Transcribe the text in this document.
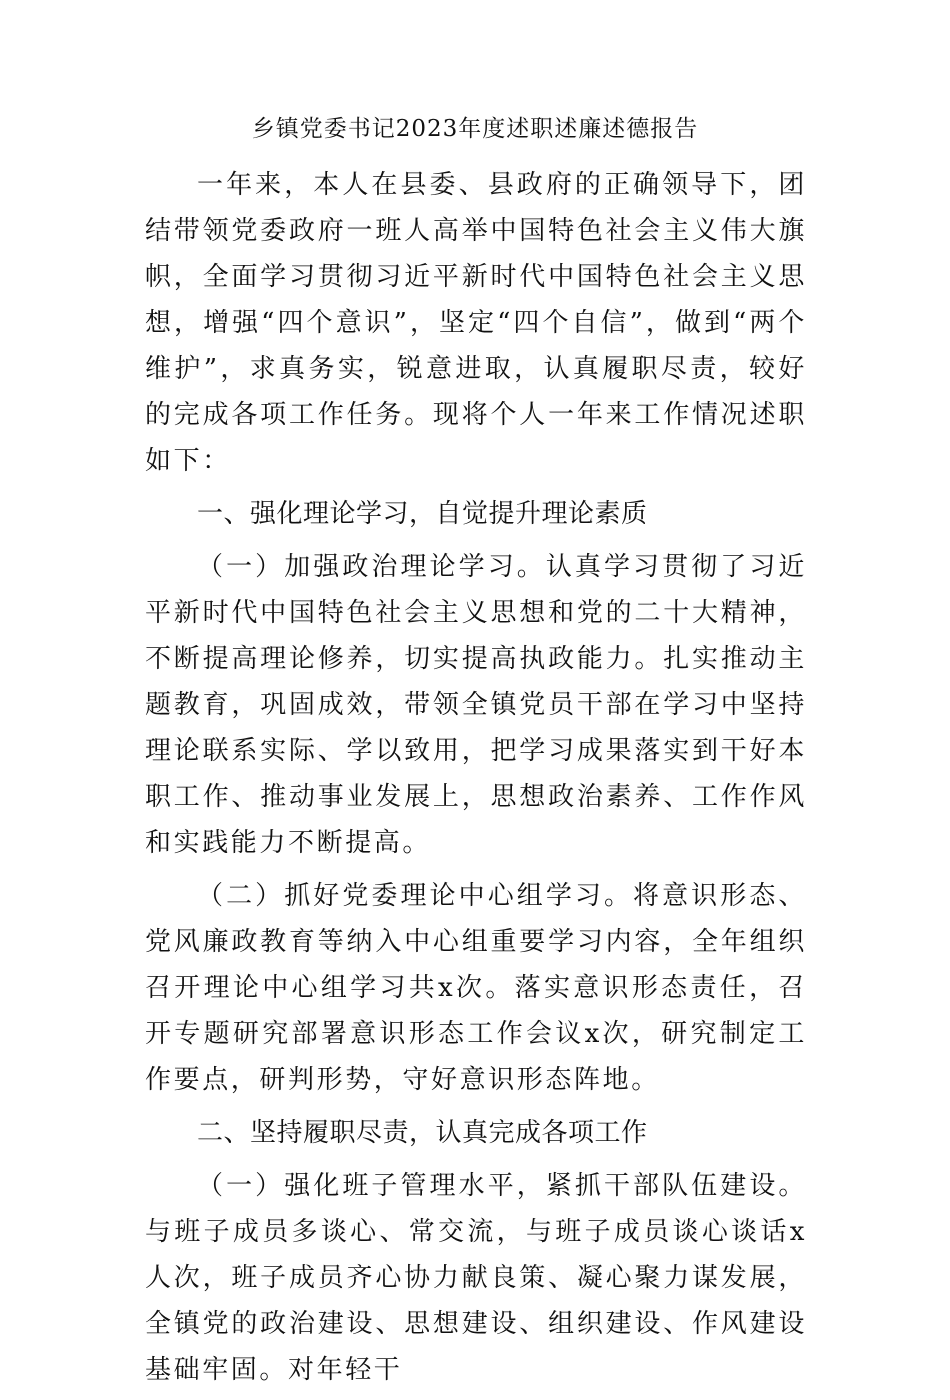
乡镇党委书记2023年度述职述廉述德报告

一年来，本人在县委、县政府的正确领导下，团结带领党委政府一班人高举中国特色社会主义伟大旗帜，全面学习贯彻习近平新时代中国特色社会主义思想，增强“四个意识”，坚定“四个自信”，做到“两个维护”，求真务实，锐意进取，认真履职尽责，较好的完成各项工作任务。现将个人一年来工作情况述职如下：

一、强化理论学习，自觉提升理论素质

（一）加强政治理论学习。认真学习贯彻了习近平新时代中国特色社会主义思想和党的二十大精神，不断提高理论修养，切实提高执政能力。扎实推动主题教育，巩固成效，带领全镇党员干部在学习中坚持理论联系实际、学以致用，把学习成果落实到干好本职工作、推动事业发展上，思想政治素养、工作作风和实践能力不断提高。

（二）抓好党委理论中心组学习。将意识形态、党风廉政教育等纳入中心组重要学习内容，全年组织召开理论中心组学习共x次。落实意识形态责任，召开专题研究部署意识形态工作会议x次，研究制定工作要点，研判形势，守好意识形态阵地。

二、坚持履职尽责，认真完成各项工作

（一）强化班子管理水平，紧抓干部队伍建设。与班子成员多谈心、常交流，与班子成员谈心谈话x人次，班子成员齐心协力献良策、凝心聚力谋发展，全镇党的政治建设、思想建设、组织建设、作风建设基础牢固。对年轻干
